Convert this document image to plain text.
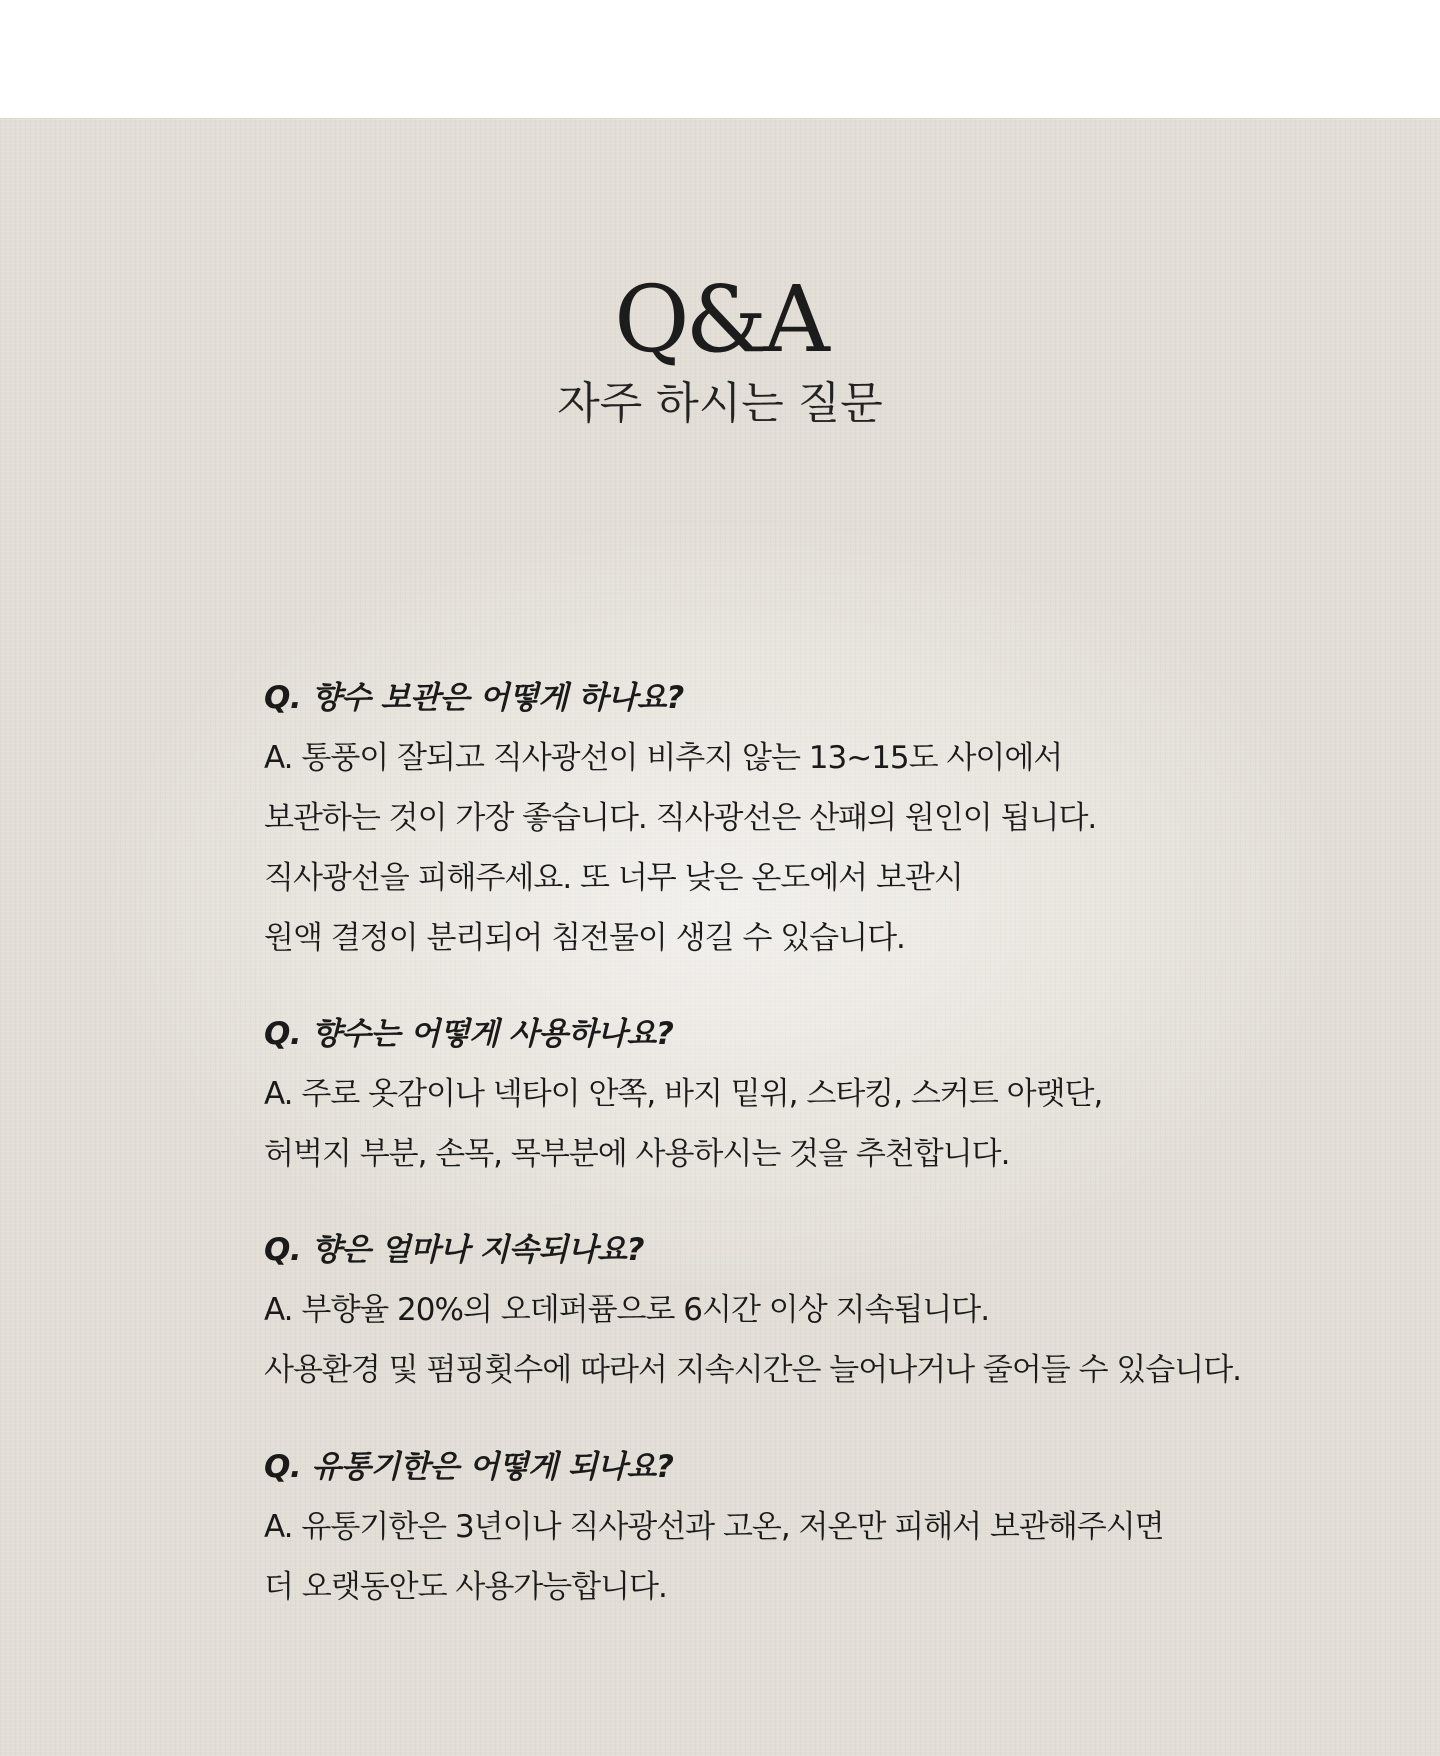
Q&A
자주 하시는 질문
Q. 향수 보관은 어떻게 하나요?
A. 통풍이 잘되고 직사광선이 비추지 않는 13~15도 사이에서
보관하는 것이 가장 좋습니다. 직사광선은 산패의 원인이 됩니다.
직사광선을 피해주세요. 또 너무 낮은 온도에서 보관시
원액 결정이 분리되어 침전물이 생길 수 있습니다.
Q. 향수는 어떻게 사용하나요?
A. 주로 옷감이나 넥타이 안쪽, 바지 밑위, 스타킹, 스커트 아랫단,
허벅지 부분, 손목, 목부분에 사용하시는 것을 추천합니다.
Q. 향은 얼마나 지속되나요?
A. 부향율 20%의 오데퍼퓸으로 6시간 이상 지속됩니다.
사용환경 및 펌핑횟수에 따라서 지속시간은 늘어나거나 줄어들 수 있습니다.
Q. 유통기한은 어떻게 되나요?
A. 유통기한은 3년이나 직사광선과 고온, 저온만 피해서 보관해주시면
더 오랫동안도 사용가능합니다.
